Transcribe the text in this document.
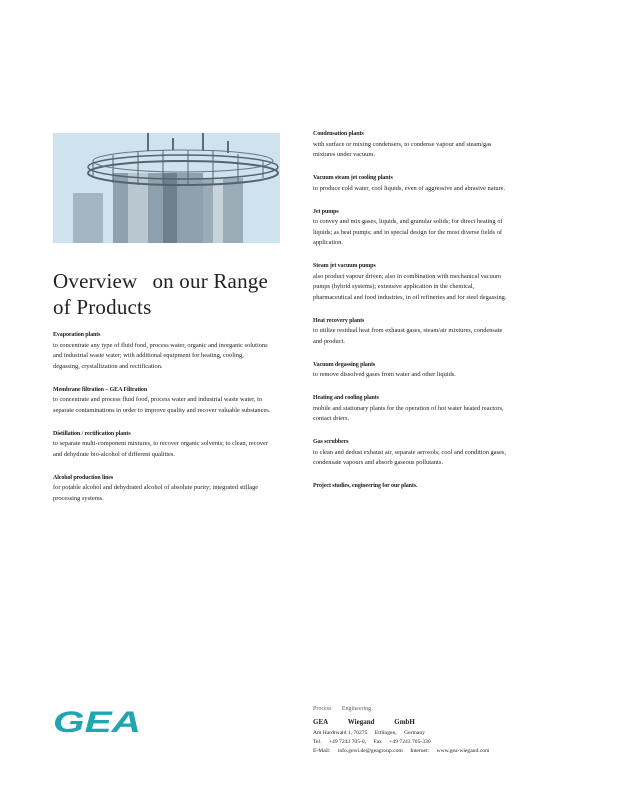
Overview on our Range
of Products
Evaporation plants
to concentrate any type of fluid food, process water, organic and inorganic solutions and industrial waste water; with additional equipment for heating, cooling, degassing, crystallization and rectification.
Membrane filtration – GEA Filtration
to concentrate and process fluid food, process water and industrial waste water, to separate contaminations in order to improve quality and recover valuable substances.
Distillation / rectification plants
to separate multi-component mixtures, to recover organic solvents; to clean, recover and dehydrate bio-alcohol of different qualities.
Alcohol production lines
for potable alcohol and dehydrated alcohol of absolute purity; integrated stillage processing systems.
Condensation plants
with surface or mixing condensers, to condense vapour and steam/gas mixtures under vacuum.
Vacuum steam jet cooling plants
to produce cold water, cool liquids, even of aggressive and abrasive nature.
Jet pumps
to convey and mix gases, liquids, and granular solids; for direct heating of liquids; as heat pumps; and in special design for the most diverse fields of application.
Steam jet vacuum pumps
also product vapour driven; also in combination with mechanical vacuum pumps (hybrid systems); extensive application in the chemical, pharmaceutical and food industries, in oil refineries and for steel degassing.
Heat recovery plants
to utilize residual heat from exhaust gases, steam/air mixtures, condensate and product.
Vacuum degassing plants
to remove dissolved gases from water and other liquids.
Heating and cooling plants
mobile and stationary plants for the operation of hot water heated reactors, contact driers.
Gas scrubbers
to clean and dedust exhaust air, separate aerosols; cool and condition gases, condensate vapours and absorb gaseous pollutants.
Project studies, engineering for our plants.
GEA	Process Engineering
GEA	Wiegand	GmbH
Am Hardtwald 1, 76275 Ettlingen, Germany
Tel. +49 7243 705-0, Fax +49 7243 705-330
E-Mail: info.gewi.de@geagroup.com Internet: www.gea-wiegand.com
